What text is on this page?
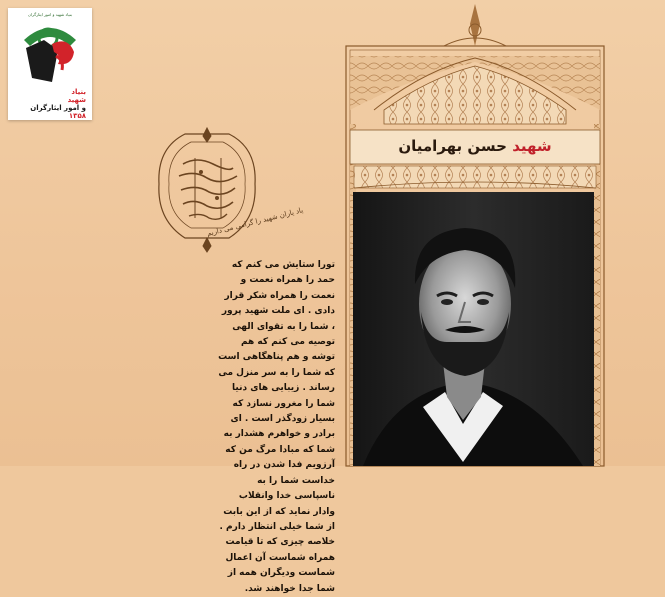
بنیاد شهید و امور ایثارگران
بنیاد
شهید
و امور ایثارگران
۱۳۵۸
شهید حسن بهرامیان
یاد یاران شهید را گرامی می داریم
تورا ستایش می کنم که حمد را همراه نعمت و نعمت را همراه شکر قرار دادی . ای ملت شهید پرور ، شما را به تقوای الهی توصیه می کنم که هم توشه و هم پناهگاهی است که شما را به سر منزل می رساند . زیبایی های دنیا شما را مغرور نسازد که بسیار زودگذر است . ای برادر و خواهرم هشدار به شما که مبادا مرگ من که آرزویم فدا شدن در راه خداست شما را به ناسپاسی خدا وانقلاب وادار نماید که از این بابت از شما خیلی انتظار دارم . خلاصه چیزی که تا قیامت همراه شماست آن اعمال شماست ودیگران همه از شما جدا خواهند شد.
